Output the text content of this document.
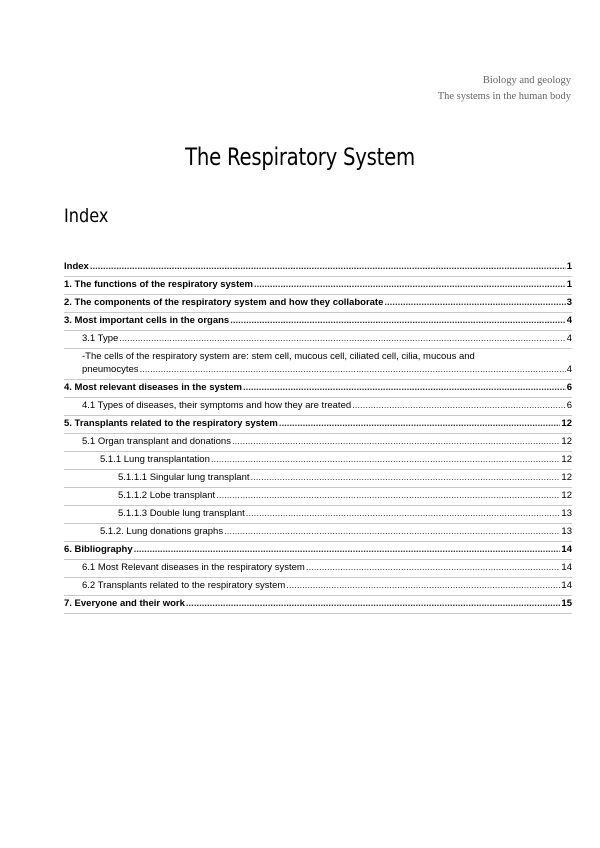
Biology and geology
The systems in the human body
The Respiratory System
Index
Index .....	1
1. The functions of the respiratory system .....	1
2. The components of the respiratory system and how they collaborate .....	3
3. Most important cells in the organs .....	4
3.1 Type .....	4
-The cells of the respiratory system are: stem cell, mucous cell, ciliated cell, cilia, mucous and
pneumocytes .....	4
4. Most relevant diseases in the system .....	6
4.1 Types of diseases, their symptoms and how they are treated .....	6
5. Transplants related to the respiratory system .....	12
5.1 Organ transplant and donations .....	12
5.1.1 Lung transplantation .....	12
5.1.1.1 Singular lung transplant .....	12
5.1.1.2 Lobe transplant .....	12
5.1.1.3 Double lung transplant .....	13
5.1.2. Lung donations graphs .....	13
6. Bibliography .....	14
6.1 Most Relevant diseases in the respiratory system .....	14
6.2 Transplants related to the respiratory system .....	14
7. Everyone and their work .....	15
